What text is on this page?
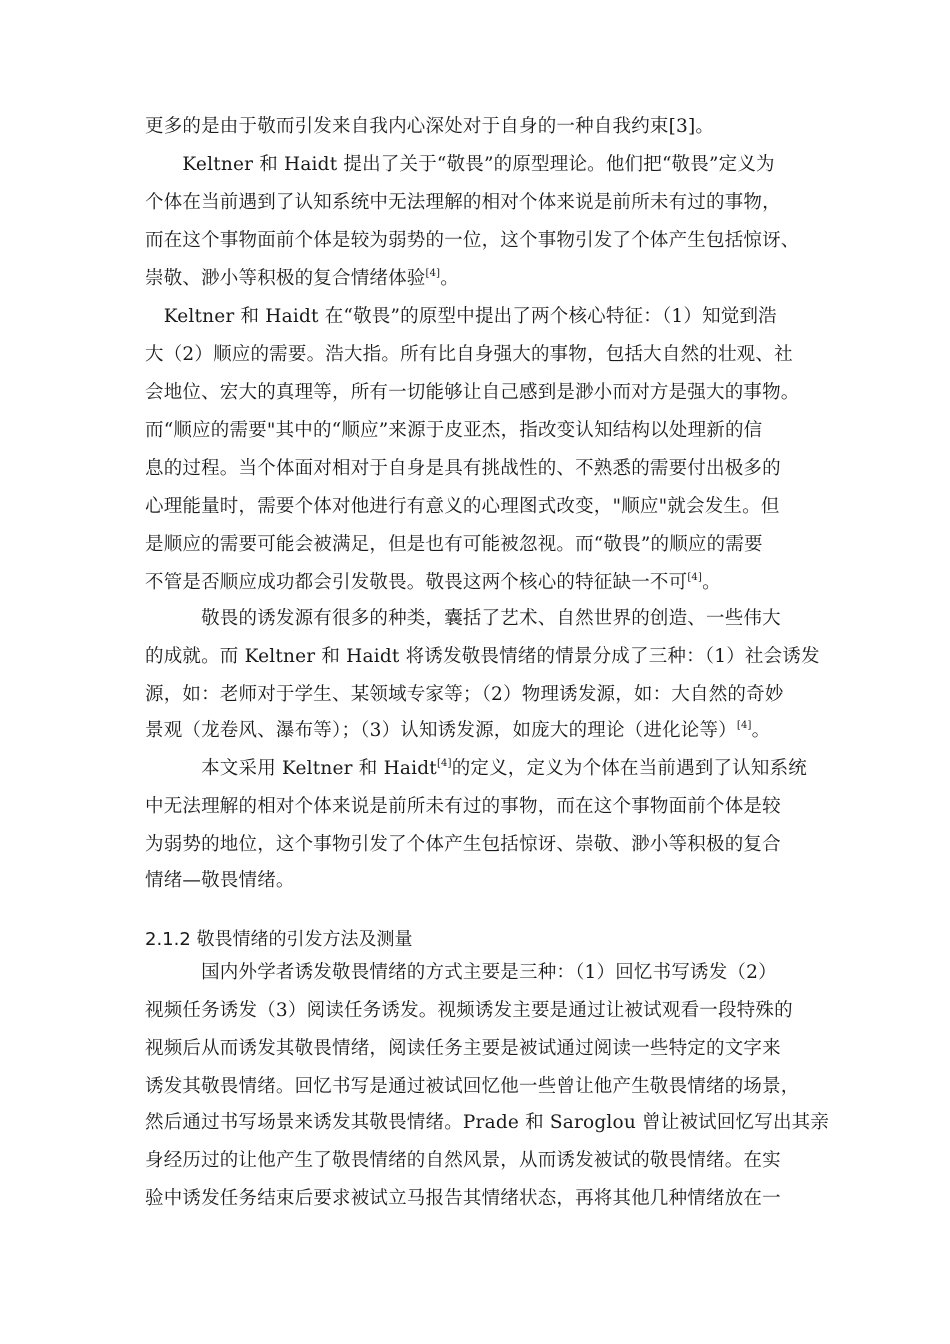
更多的是由于敬而引发来自我内心深处对于自身的一种自我约束[3]。
　　Keltner 和 Haidt 提出了关于“敬畏”的原型理论。他们把“敬畏”定义为
个体在当前遇到了认知系统中无法理解的相对个体来说是前所未有过的事物，
而在这个事物面前个体是较为弱势的一位，这个事物引发了个体产生包括惊讶、
崇敬、渺小等积极的复合情绪体验[4]。
　Keltner 和 Haidt 在“敬畏”的原型中提出了两个核心特征：（1）知觉到浩
大（2）顺应的需要。浩大指。所有比自身强大的事物，包括大自然的壮观、社
会地位、宏大的真理等，所有一切能够让自己感到是渺小而对方是强大的事物。
而“顺应的需要"其中的“顺应”来源于皮亚杰，指改变认知结构以处理新的信
息的过程。当个体面对相对于自身是具有挑战性的、不熟悉的需要付出极多的
心理能量时，需要个体对他进行有意义的心理图式改变，"顺应"就会发生。但
是顺应的需要可能会被满足，但是也有可能被忽视。而“敬畏”的顺应的需要
不管是否顺应成功都会引发敬畏。敬畏这两个核心的特征缺一不可[4]。
　　　敬畏的诱发源有很多的种类，囊括了艺术、自然世界的创造、一些伟大
的成就。而 Keltner 和 Haidt 将诱发敬畏情绪的情景分成了三种：（1）社会诱发
源，如：老师对于学生、某领域专家等；（2）物理诱发源，如：大自然的奇妙
景观（龙卷风、瀑布等）；（3）认知诱发源，如庞大的理论（进化论等）[4]。
　　　本文采用 Keltner 和 Haidt[4]的定义，定义为个体在当前遇到了认知系统
中无法理解的相对个体来说是前所未有过的事物，而在这个事物面前个体是较
为弱势的地位，这个事物引发了个体产生包括惊讶、崇敬、渺小等积极的复合
情绪—敬畏情绪。
2.1.2 敬畏情绪的引发方法及测量
　　　国内外学者诱发敬畏情绪的方式主要是三种：（1）回忆书写诱发（2）
视频任务诱发（3）阅读任务诱发。视频诱发主要是通过让被试观看一段特殊的
视频后从而诱发其敬畏情绪，阅读任务主要是被试通过阅读一些特定的文字来
诱发其敬畏情绪。回忆书写是通过被试回忆他一些曾让他产生敬畏情绪的场景，
然后通过书写场景来诱发其敬畏情绪。Prade 和 Saroglou 曾让被试回忆写出其亲
身经历过的让他产生了敬畏情绪的自然风景，从而诱发被试的敬畏情绪。在实
验中诱发任务结束后要求被试立马报告其情绪状态，再将其他几种情绪放在一
